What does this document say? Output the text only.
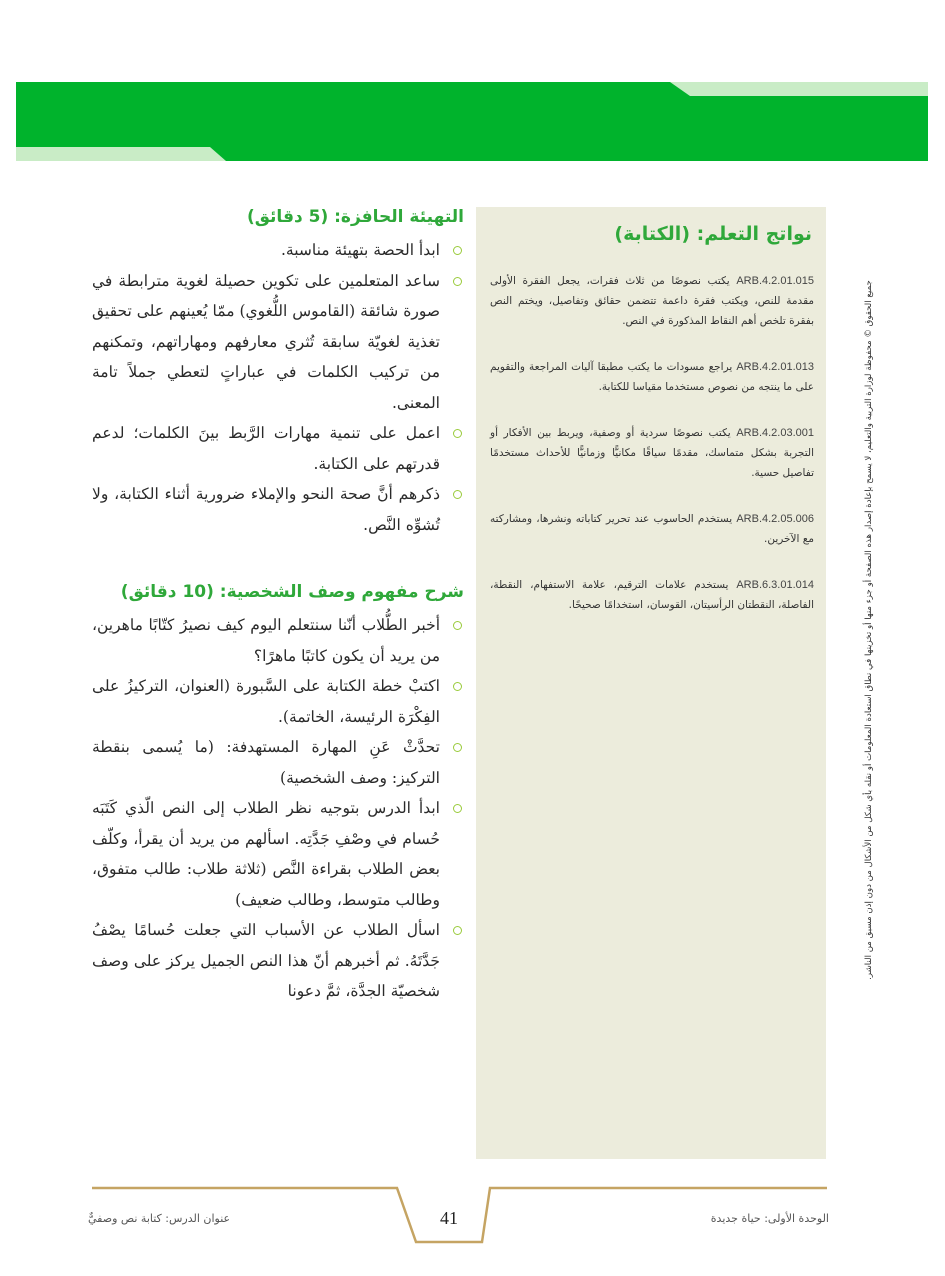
جميع الحقوق © محفوظة لوزارة التربية والتعليم، لا يسمح بإعادة إصدار هذه الصفحة أو جزء منها أو تخزينها في نطاق استعادة المعلومات أو نقله بأي شكل من الأشكال من دون إذن مسبق من الناشر.
نواتج التعلم: (الكتابة)
ARB.4.2.01.015 يكتب نصوصًا من ثلاث فقرات، يجعل الفقرة الأولى مقدمة للنص، ويكتب فقرة داعمة تتضمن حقائق وتفاصيل، ويختم النص بفقرة تلخص أهم النقاط المذكورة في النص.
ARB.4.2.01.013 يراجع مسودات ما يكتب مطبقا آليات المراجعة والتقويم على ما ينتجه من نصوص مستخدما مقياسا للكتابة.
ARB.4.2.03.001 يكتب نصوصًا سردية أو وصفية، ويربط بين الأفكار أو التجربة بشكل متماسك، مقدمًا سياقًا مكانيًّا وزمانيًّا للأحداث مستخدمًا تفاصيل حسية.
ARB.4.2.05.006 يستخدم الحاسوب عند تحرير كتاباته ونشرها، ومشاركته مع الآخرين.
ARB.6.3.01.014 يستخدم علامات الترقيم، علامة الاستفهام، النقطة، الفاصلة، النقطتان الرأسيتان، القوسان، استخدامًا صحيحًا.
التهيئة الحافزة: (5 دقائق)
ابدأ الحصة بتهيئة مناسبة.
ساعد المتعلمين على تكوين حصيلة لغوية مترابطة في صورة شائقة (القاموس اللُّغوي) ممّا يُعينهم على تحقيق تغذية لغويّة سابقة تُثري معارفهم ومهاراتهم، وتمكنهم من تركيب الكلمات في عباراتٍ لتعطي جملاً تامة المعنى.
اعمل على تنمية مهارات الرَّبط بينَ الكلمات؛ لدعم قدرتهم على الكتابة.
ذكرهم أنَّ صحة النحو والإملاء ضرورية أثناء الكتابة، ولا تُشوِّه النَّص.
شرح مفهوم وصف الشخصية: (10 دقائق)
أخبر الطُّلاب أنّنا سنتعلم اليوم كيف نصيرُ كتّابًا ماهرين، من يريد أن يكون كاتبًا ماهرًا؟
اكتبْ خطة الكتابة على السَّبورة (العنوان، التركيزُ على الفِكْرَة الرئيسة، الخاتمة).
تحدَّثْ عَنِ المهارة المستهدفة: (ما يُسمى بنقطة التركيز: وصف الشخصية)
ابدأ الدرس بتوجيه نظر الطلاب إلى النص الّذي كَتَبَه حُسام في وصْفِ جَدَّتِه. اسألهم من يريد أن يقرأ، وكلّف بعض الطلاب بقراءة النَّص (ثلاثة طلاب: طالب متفوق، وطالب متوسط، وطالب ضعيف)
اسأل الطلاب عن الأسباب التي جعلت حُسامًا يصْفُ جَدَّتَهُ. ثم أخبرهم أنّ هذا النص الجميل يركز على وصف شخصيّة الجدَّة، ثمَّ دعونا
41
عنوان الدرس: كتابة نص وصفيٌّ	الوحدة الأولى: حياة جديدة
